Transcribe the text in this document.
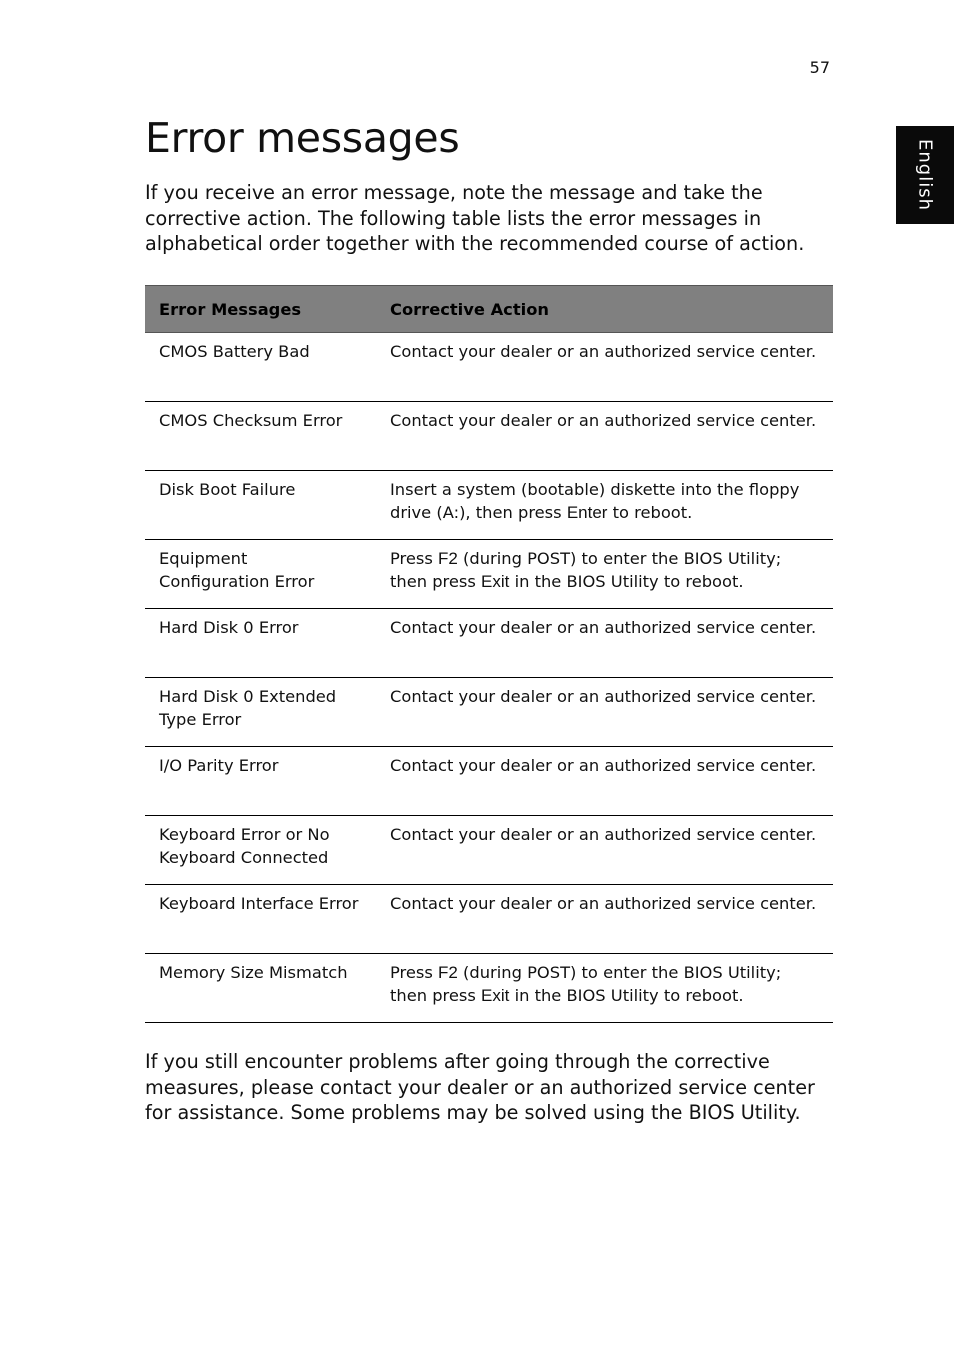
57
English
Error messages

If you receive an error message, note the message and take the corrective action. The following table lists the error messages in alphabetical order together with the recommended course of action.

Error Messages	Corrective Action
CMOS Battery Bad	Contact your dealer or an authorized service center.
CMOS Checksum Error	Contact your dealer or an authorized service center.
Disk Boot Failure	Insert a system (bootable) diskette into the floppy drive (A:), then press Enter to reboot.
Equipment Configuration Error	Press F2 (during POST) to enter the BIOS Utility; then press Exit in the BIOS Utility to reboot.
Hard Disk 0 Error	Contact your dealer or an authorized service center.
Hard Disk 0 Extended Type Error	Contact your dealer or an authorized service center.
I/O Parity Error	Contact your dealer or an authorized service center.
Keyboard Error or No Keyboard Connected	Contact your dealer or an authorized service center.
Keyboard Interface Error	Contact your dealer or an authorized service center.
Memory Size Mismatch	Press F2 (during POST) to enter the BIOS Utility; then press Exit in the BIOS Utility to reboot.

If you still encounter problems after going through the corrective measures, please contact your dealer or an authorized service center for assistance. Some problems may be solved using the BIOS Utility.
